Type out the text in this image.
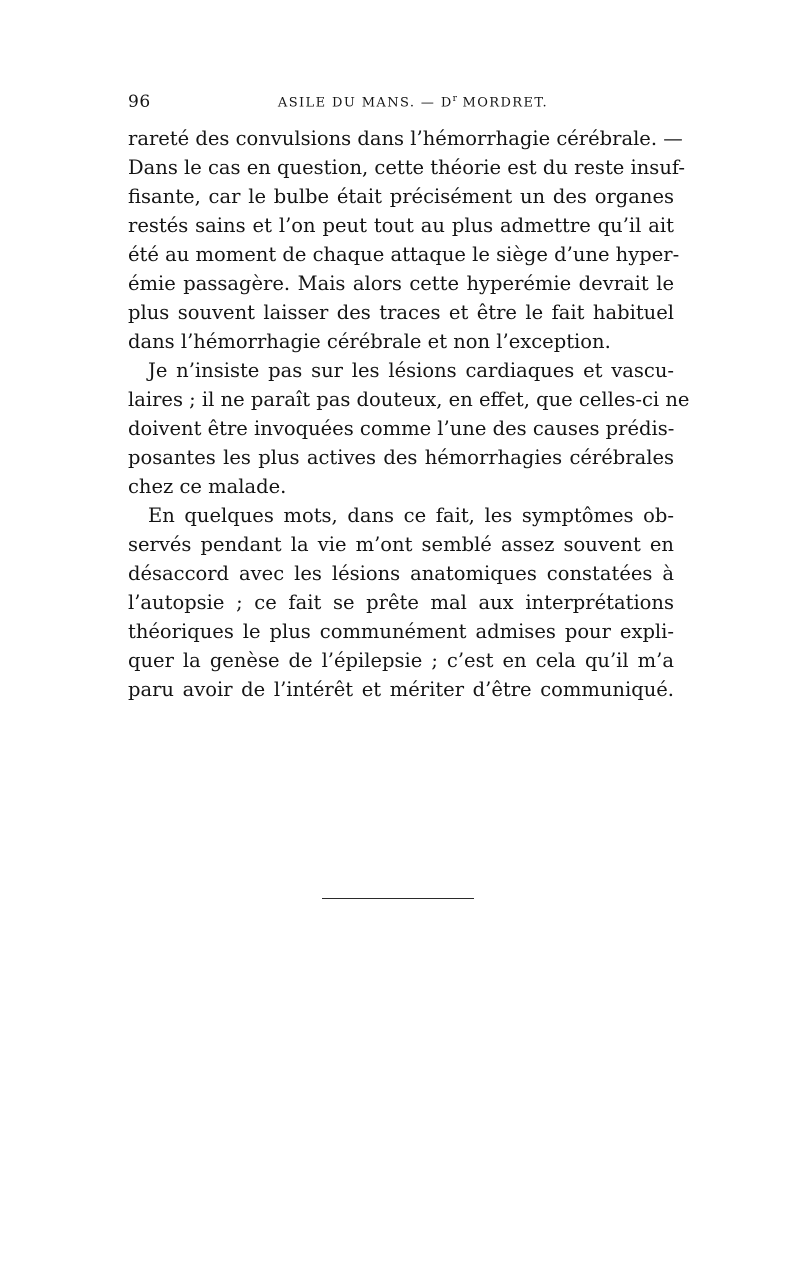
96	ASILE DU MANS. — $D^r$ MORDRET.
rareté des convulsions dans l’hémorrhagie cérébrale. —
Dans le cas en question, cette théorie est du reste insuf-
fisante, car le bulbe était précisément un des organes
restés sains et l’on peut tout au plus admettre qu’il ait
été au moment de chaque attaque le siège d’une hyper-
émie passagère. Mais alors cette hyperémie devrait le
plus souvent laisser des traces et être le fait habituel
dans l’hémorrhagie cérébrale et non l’exception.
Je n’insiste pas sur les lésions cardiaques et vascu-
laires ; il ne paraît pas douteux, en effet, que celles-ci ne
doivent être invoquées comme l’une des causes prédis-
posantes les plus actives des hémorrhagies cérébrales
chez ce malade.
En quelques mots, dans ce fait, les symptômes ob-
servés pendant la vie m’ont semblé assez souvent en
désaccord avec les lésions anatomiques constatées à
l’autopsie ; ce fait se prête mal aux interprétations
théoriques le plus communément admises pour expli-
quer la genèse de l’épilepsie ; c’est en cela qu’il m’a
paru avoir de l’intérêt et mériter d’être communiqué.
